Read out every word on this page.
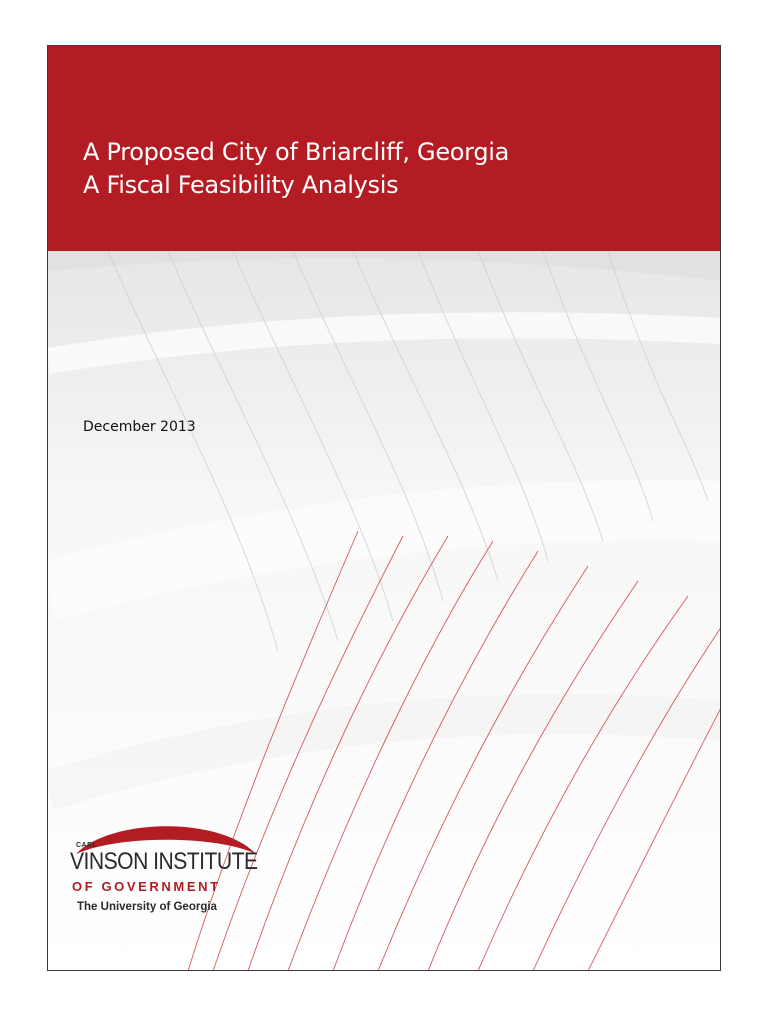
A Proposed City of Briarcliff, Georgia
A Fiscal Feasibility Analysis
December 2013
CARL
VINSON INSTITUTE
OF GOVERNMENT
The University of Georgia
